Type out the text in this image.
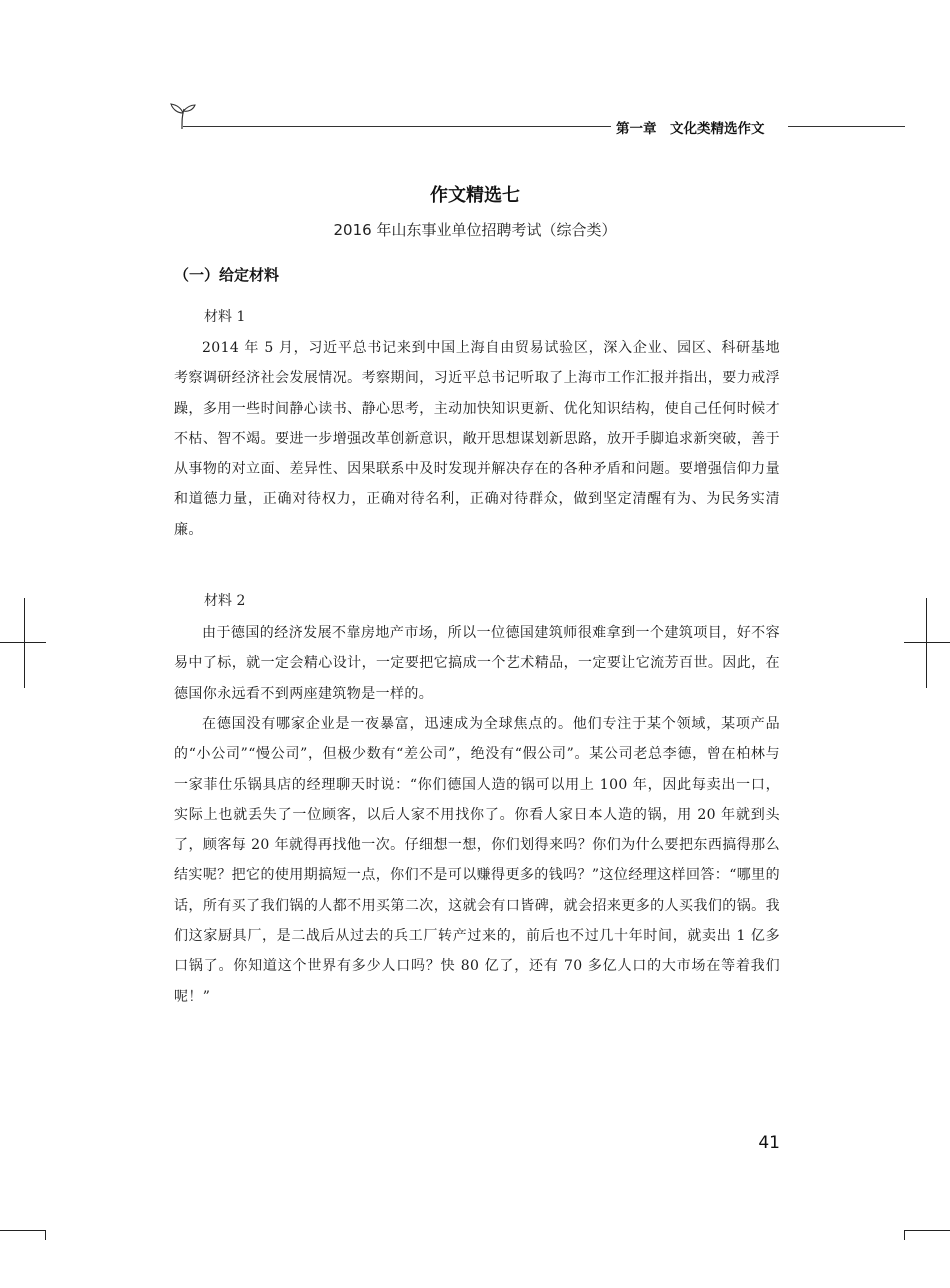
第一章　文化类精选作文
作文精选七
2016 年山东事业单位招聘考试（综合类）
（一）给定材料
材料 1
2014 年 5 月，习近平总书记来到中国上海自由贸易试验区，深入企业、园区、科研基地考察调研经济社会发展情况。考察期间，习近平总书记听取了上海市工作汇报并指出，要力戒浮躁，多用一些时间静心读书、静心思考，主动加快知识更新、优化知识结构，使自己任何时候才不枯、智不竭。要进一步增强改革创新意识，敞开思想谋划新思路，放开手脚追求新突破，善于从事物的对立面、差异性、因果联系中及时发现并解决存在的各种矛盾和问题。要增强信仰力量和道德力量，正确对待权力，正确对待名利，正确对待群众，做到坚定清醒有为、为民务实清廉。
材料 2
由于德国的经济发展不靠房地产市场，所以一位德国建筑师很难拿到一个建筑项目，好不容易中了标，就一定会精心设计，一定要把它搞成一个艺术精品，一定要让它流芳百世。因此，在德国你永远看不到两座建筑物是一样的。
在德国没有哪家企业是一夜暴富，迅速成为全球焦点的。他们专注于某个领域，某项产品的“小公司”“慢公司”，但极少数有“差公司”，绝没有“假公司”。某公司老总李德，曾在柏林与一家菲仕乐锅具店的经理聊天时说：“你们德国人造的锅可以用上 100 年，因此每卖出一口，实际上也就丢失了一位顾客，以后人家不用找你了。你看人家日本人造的锅，用 20 年就到头了，顾客每 20 年就得再找他一次。仔细想一想，你们划得来吗？你们为什么要把东西搞得那么结实呢？把它的使用期搞短一点，你们不是可以赚得更多的钱吗？”这位经理这样回答：“哪里的话，所有买了我们锅的人都不用买第二次，这就会有口皆碑，就会招来更多的人买我们的锅。我们这家厨具厂，是二战后从过去的兵工厂转产过来的，前后也不过几十年时间，就卖出 1 亿多口锅了。你知道这个世界有多少人口吗？快 80 亿了，还有 70 多亿人口的大市场在等着我们呢！”
41
